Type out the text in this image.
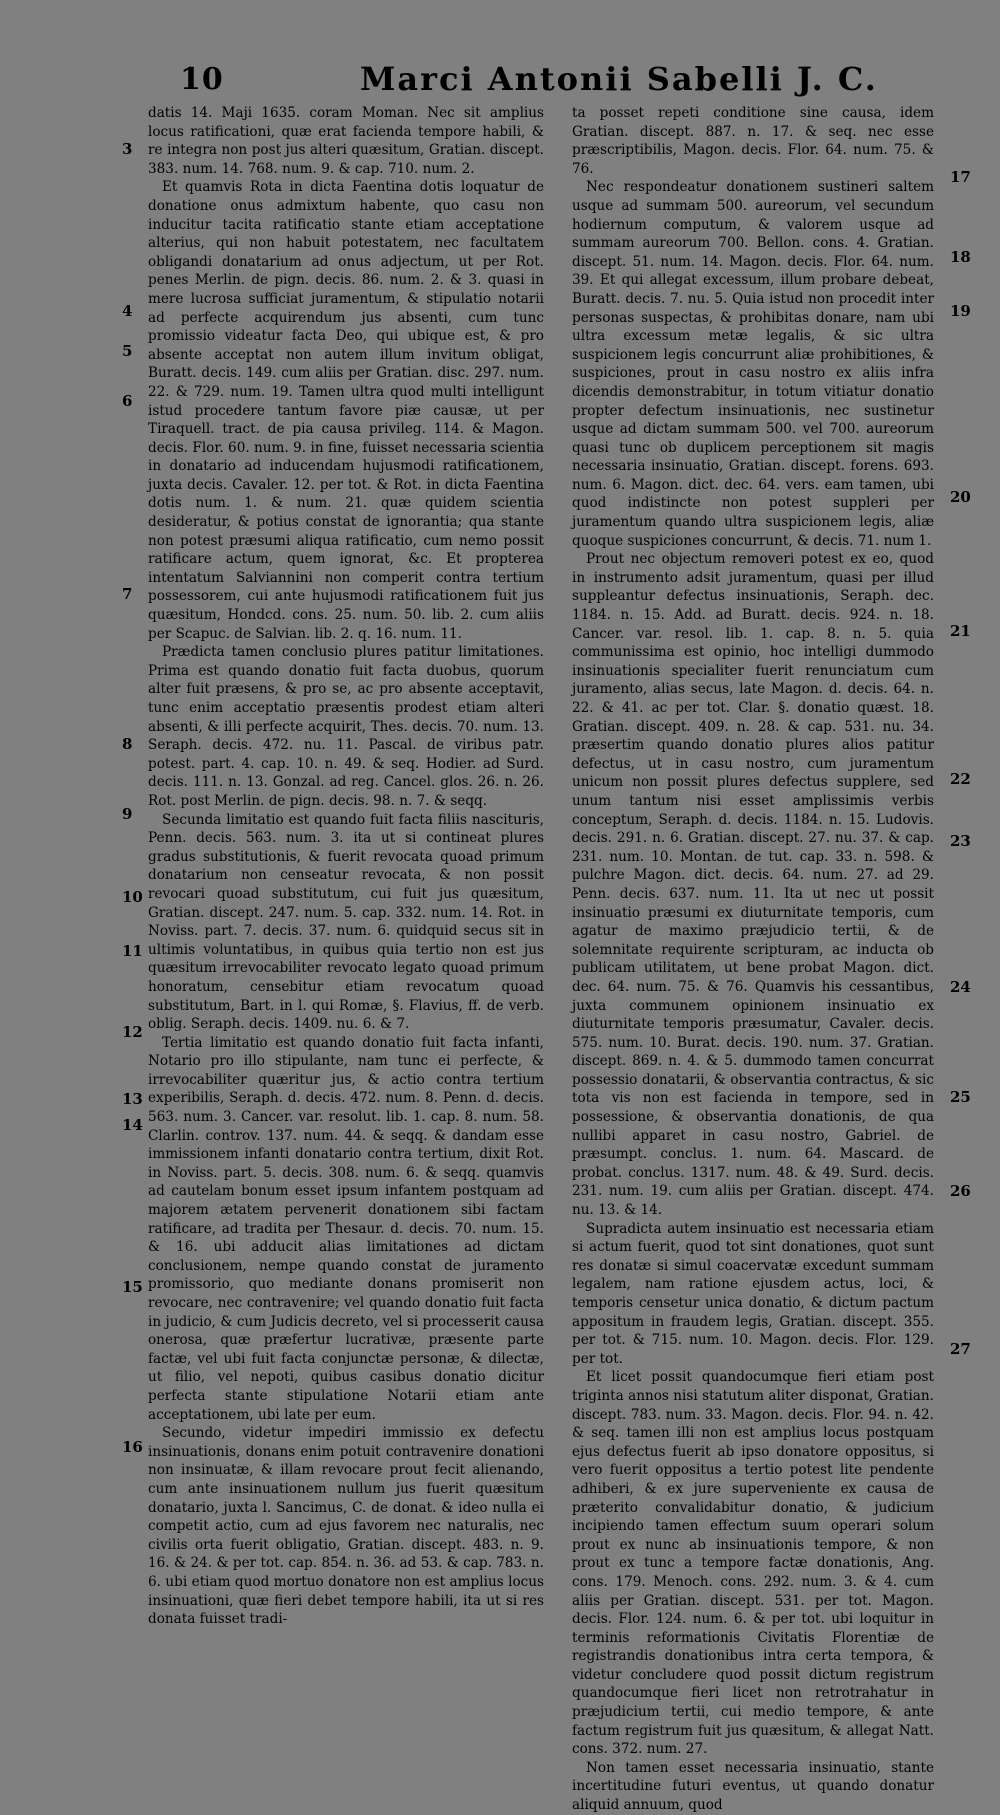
10	Marci Antonii Sabelli J. C.

datis 14. Maji 1635. coram Moman. Nec sit amplius locus ratificationi, quæ erat facienda tempore habili, & re integra non post jus alteri quæsitum, Gratian. discept. 383. num. 14. 768. num. 9. & cap. 710. num. 2.

Et quamvis Rota in dicta Faentina dotis loquatur de donatione onus admixtum habente, quo casu non inducitur tacita ratificatio stante etiam acceptatione alterius, qui non habuit potestatem, nec facultatem obligandi donatarium ad onus adjectum, ut per Rot. penes Merlin. de pign. decis. 86. num. 2. & 3. quasi in mere lucrosa sufficiat juramentum, & stipulatio notarii ad perfecte acquirendum jus absenti, cum tunc promissio videatur facta Deo, qui ubique est, & pro absente acceptat non autem illum invitum obligat, Buratt. decis. 149. cum aliis per Gratian. disc. 297. num. 22. & 729. num. 19. Tamen ultra quod multi intelligunt istud procedere tantum favore piæ causæ, ut per Tiraquell. tract. de pia causa privileg. 114. & Magon. decis. Flor. 60. num. 9. in fine, fuisset necessaria scientia in donatario ad inducendam hujusmodi ratificationem, juxta decis. Cavaler. 12. per tot. & Rot. in dicta Faentina dotis num. 1. & num. 21. quæ quidem scientia desideratur, & potius constat de ignorantia; qua stante non potest præsumi aliqua ratificatio, cum nemo possit ratificare actum, quem ignorat, &c. Et propterea intentatum Salviannini non comperit contra tertium possessorem, cui ante hujusmodi ratificationem fuit jus quæsitum, Hondcd. cons. 25. num. 50. lib. 2. cum aliis per Scapuc. de Salvian. lib. 2. q. 16. num. 11.

Prædicta tamen conclusio plures patitur limitationes. Prima est quando donatio fuit facta duobus, quorum alter fuit præsens, & pro se, ac pro absente acceptavit, tunc enim acceptatio præsentis prodest etiam alteri absenti, & illi perfecte acquirit, Thes. decis. 70. num. 13. Seraph. decis. 472. nu. 11. Pascal. de viribus patr. potest. part. 4. cap. 10. n. 49. & seq. Hodier. ad Surd. decis. 111. n. 13. Gonzal. ad reg. Cancel. glos. 26. n. 26. Rot. post Merlin. de pign. decis. 98. n. 7. & seqq.

Secunda limitatio est quando fuit facta filiis nascituris, Penn. decis. 563. num. 3. ita ut si contineat plures gradus substitutionis, & fuerit revocata quoad primum donatarium non censeatur revocata, & non possit revocari quoad substitutum, cui fuit jus quæsitum, Gratian. discept. 247. num. 5. cap. 332. num. 14. Rot. in Noviss. part. 7. decis. 37. num. 6. quidquid secus sit in ultimis voluntatibus, in quibus quia tertio non est jus quæsitum irrevocabiliter revocato legato quoad primum honoratum, censebitur etiam revocatum quoad substitutum, Bart. in l. qui Romæ, §. Flavius, ff. de verb. oblig. Seraph. decis. 1409. nu. 6. & 7.

Tertia limitatio est quando donatio fuit facta infanti, Notario pro illo stipulante, nam tunc ei perfecte, & irrevocabiliter quæritur jus, & actio contra tertium experibilis, Seraph. d. decis. 472. num. 8. Penn. d. decis. 563. num. 3. Cancer. var. resolut. lib. 1. cap. 8. num. 58. Clarlin. controv. 137. num. 44. & seqq. & dandam esse immissionem infanti donatario contra tertium, dixit Rot. in Noviss. part. 5. decis. 308. num. 6. & seqq. quamvis ad cautelam bonum esset ipsum infantem postquam ad majorem ætatem pervenerit donationem sibi factam ratificare, ad tradita per Thesaur. d. decis. 70. num. 15. & 16. ubi adducit alias limitationes ad dictam conclusionem, nempe quando constat de juramento promissorio, quo mediante donans promiserit non revocare, nec contravenire; vel quando donatio fuit facta in judicio, & cum Judicis decreto, vel si processerit causa onerosa, quæ præfertur lucrativæ, præsente parte factæ, vel ubi fuit facta conjunctæ personæ, & dilectæ, ut filio, vel nepoti, quibus casibus donatio dicitur perfecta stante stipulatione Notarii etiam ante acceptationem, ubi late per eum.

Secundo, videtur impediri immissio ex defectu insinuationis, donans enim potuit contravenire donationi non insinuatæ, & illam revocare prout fecit alienando, cum ante insinuationem nullum jus fuerit quæsitum donatario, juxta l. Sancimus, C. de donat. & ideo nulla ei competit actio, cum ad ejus favorem nec naturalis, nec civilis orta fuerit obligatio, Gratian. discept. 483. n. 9. 16. & 24. & per tot. cap. 854. n. 36. ad 53. & cap. 783. n. 6. ubi etiam quod mortuo donatore non est amplius locus insinuationi, quæ fieri debet tempore habili, ita ut si res donata fuisset tradi-

ta posset repeti conditione sine causa, idem Gratian. discept. 887. n. 17. & seq. nec esse præscriptibilis, Magon. decis. Flor. 64. num. 75. & 76.

Nec respondeatur donationem sustineri saltem usque ad summam 500. aureorum, vel secundum hodiernum computum, & valorem usque ad summam aureorum 700. Bellon. cons. 4. Gratian. discept. 51. num. 14. Magon. decis. Flor. 64. num. 39. Et qui allegat excessum, illum probare debeat, Buratt. decis. 7. nu. 5. Quia istud non procedit inter personas suspectas, & prohibitas donare, nam ubi ultra excessum metæ legalis, & sic ultra suspicionem legis concurrunt aliæ prohibitiones, & suspiciones, prout in casu nostro ex aliis infra dicendis demonstrabitur, in totum vitiatur donatio propter defectum insinuationis, nec sustinetur usque ad dictam summam 500. vel 700. aureorum quasi tunc ob duplicem perceptionem sit magis necessaria insinuatio, Gratian. discept. forens. 693. num. 6. Magon. dict. dec. 64. vers. eam tamen, ubi quod indistincte non potest suppleri per juramentum quando ultra suspicionem legis, aliæ quoque suspiciones concurrunt, & decis. 71. num 1.

Prout nec objectum removeri potest ex eo, quod in instrumento adsit juramentum, quasi per illud suppleantur defectus insinuationis, Seraph. dec. 1184. n. 15. Add. ad Buratt. decis. 924. n. 18. Cancer. var. resol. lib. 1. cap. 8. n. 5. quia communissima est opinio, hoc intelligi dummodo insinuationis specialiter fuerit renunciatum cum juramento, alias secus, late Magon. d. decis. 64. n. 22. & 41. ac per tot. Clar. §. donatio quæst. 18. Gratian. discept. 409. n. 28. & cap. 531. nu. 34. præsertim quando donatio plures alios patitur defectus, ut in casu nostro, cum juramentum unicum non possit plures defectus supplere, sed unum tantum nisi esset amplissimis verbis conceptum, Seraph. d. decis. 1184. n. 15. Ludovis. decis. 291. n. 6. Gratian. discept. 27. nu. 37. & cap. 231. num. 10. Montan. de tut. cap. 33. n. 598. & pulchre Magon. dict. decis. 64. num. 27. ad 29. Penn. decis. 637. num. 11. Ita ut nec ut possit insinuatio præsumi ex diuturnitate temporis, cum agatur de maximo præjudicio tertii, & de solemnitate requirente scripturam, ac inducta ob publicam utilitatem, ut bene probat Magon. dict. dec. 64. num. 75. & 76. Quamvis his cessantibus, juxta communem opinionem insinuatio ex diuturnitate temporis præsumatur, Cavaler. decis. 575. num. 10. Burat. decis. 190. num. 37. Gratian. discept. 869. n. 4. & 5. dummodo tamen concurrat possessio donatarii, & observantia contractus, & sic tota vis non est facienda in tempore, sed in possessione, & observantia donationis, de qua nullibi apparet in casu nostro, Gabriel. de præsumpt. conclus. 1. num. 64. Mascard. de probat. conclus. 1317. num. 48. & 49. Surd. decis. 231. num. 19. cum aliis per Gratian. discept. 474. nu. 13. & 14.

Supradicta autem insinuatio est necessaria etiam si actum fuerit, quod tot sint donationes, quot sunt res donatæ si simul coacervatæ excedunt summam legalem, nam ratione ejusdem actus, loci, & temporis censetur unica donatio, & dictum pactum appositum in fraudem legis, Gratian. discept. 355. per tot. & 715. num. 10. Magon. decis. Flor. 129. per tot.

Et licet possit quandocumque fieri etiam post triginta annos nisi statutum aliter disponat, Gratian. discept. 783. num. 33. Magon. decis. Flor. 94. n. 42. & seq. tamen illi non est amplius locus postquam ejus defectus fuerit ab ipso donatore oppositus, si vero fuerit oppositus a tertio potest lite pendente adhiberi, & ex jure superveniente ex causa de præterito convalidabitur donatio, & judicium incipiendo tamen effectum suum operari solum prout ex nunc ab insinuationis tempore, & non prout ex tunc a tempore factæ donationis, Ang. cons. 179. Menoch. cons. 292. num. 3. & 4. cum aliis per Gratian. discept. 531. per tot. Magon. decis. Flor. 124. num. 6. & per tot. ubi loquitur in terminis reformationis Civitatis Florentiæ de registrandis donationibus intra certa tempora, & videtur concludere quod possit dictum registrum quandocumque fieri licet non retrotrahatur in præjudicium tertii, cui medio tempore, & ante factum registrum fuit jus quæsitum, & allegat Natt. cons. 372. num. 27.

Non tamen esset necessaria insinuatio, stante incertitudine futuri eventus, ut quando donatur aliquid annuum, quod

3
4
5
6
7
8
9
10
11
12
13
14
15
16
17
18
19
20
21
22
23
24
25
26
27
